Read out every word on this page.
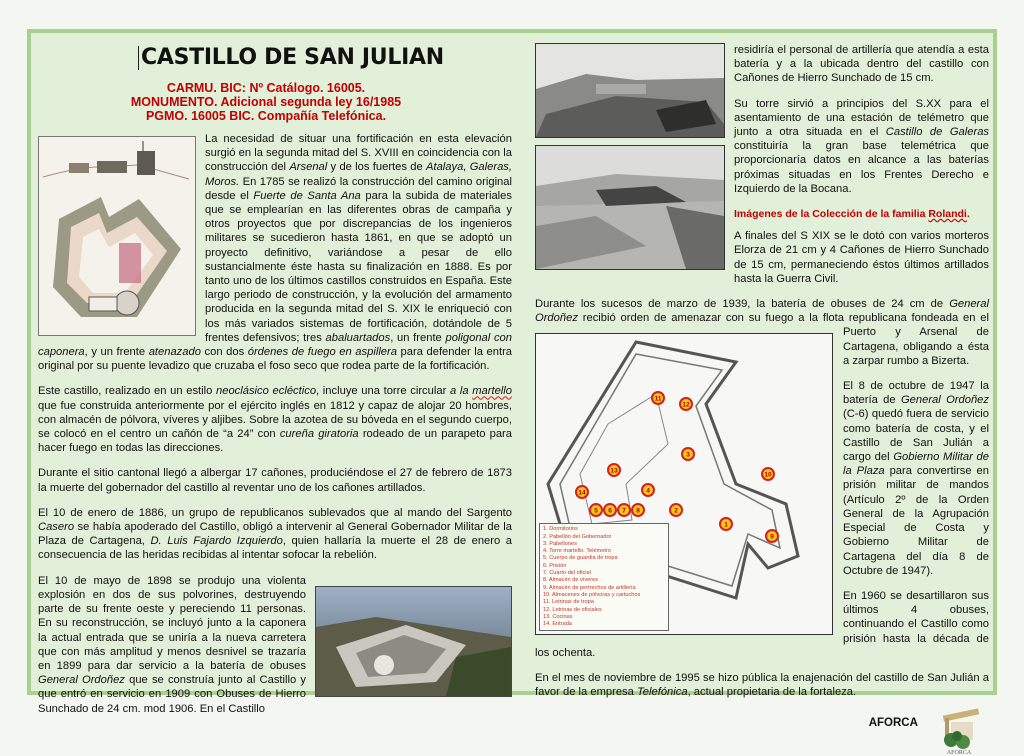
CASTILLO DE SAN JULIAN
CARMU. BIC: Nº Catálogo. 16005.
MONUMENTO. Adicional segunda ley 16/1985
PGMO. 16005 BIC. Compañía Telefónica.

La necesidad de situar una fortificación en esta elevación surgió en la segunda mitad del S. XVIII en coincidencia con la construcción del Arsenal y de los fuertes de Atalaya, Galeras, Moros. En 1785 se realizó la construcción del camino original desde el Fuerte de Santa Ana para la subida de materiales que se emplearían en las diferentes obras de campaña y otros proyectos que por discrepancias de los ingenieros militares se sucedieron hasta 1861, en que se adoptó un proyecto definitivo, variándose a pesar de ello sustancialmente éste hasta su finalización en 1888. Es por tanto uno de los últimos castillos construidos en España. Este largo periodo de construcción, y la evolución del armamento producida en la segunda mitad del S. XIX le enriqueció con los más variados sistemas de fortificación, dotándole de 5 frentes defensivos; tres abaluartados, un frente poligonal con caponera, y un frente atenazado con dos órdenes de fuego en aspillera para defender la entra original por su puente levadizo que cruzaba el foso seco que rodea parte de la fortificación.

Este castillo, realizado en un estilo neoclásico ecléctico, incluye una torre circular a la martello que fue construida anteriormente por el ejército inglés en 1812 y capaz de alojar 20 hombres, con almacén de pólvora, víveres y aljibes. Sobre la azotea de su bóveda en el segundo cuerpo, se colocó en el centro un cañón de “a 24” con cureña giratoria rodeado de un parapeto para hacer fuego en todas las direcciones.

Durante el sitio cantonal llegó a albergar 17 cañones, produciéndose el 27 de febrero de 1873 la muerte del gobernador del castillo al reventar uno de los cañones artillados.

El 10 de enero de 1886, un grupo de republicanos sublevados que al mando del Sargento Casero se había apoderado del Castillo, obligó a intervenir al General Gobernador Militar de la Plaza de Cartagena, D. Luis Fajardo Izquierdo, quien hallaría la muerte el 28 de enero a consecuencia de las heridas recibidas al intentar sofocar la rebelión.

El 10 de mayo de 1898 se produjo una violenta explosión en dos de sus polvorines, destruyendo parte de su frente oeste y pereciendo 11 personas. En su reconstrucción, se incluyó junto a la caponera la actual entrada que se uniría a la nueva carretera que con más amplitud y menos desnivel se trazaría en 1899 para dar servicio a la batería de obuses General Ordoñez que se construía junto al Castillo y que entró en servicio en 1909 con Obuses de Hierro Sunchado de 24 cm. mod 1906. En el Castillo

residiría el personal de artillería que atendía a esta batería y a la ubicada dentro del castillo con Cañones de Hierro Sunchado de 15 cm.

Su torre sirvió a principios del S.XX para el asentamiento de una estación de telémetro que junto a otra situada en el Castillo de Galeras constituiría la gran base telemétrica que proporcionaría datos en alcance a las baterías próximas situadas en los Frentes Derecho e Izquierdo de la Bocana.

Imágenes de la Colección de la familia Rolandi.

A finales del S XIX se le dotó con varios morteros Elorza de 21 cm y 4 Cañones de Hierro Sunchado de 15 cm, permaneciendo éstos últimos artillados hasta la Guerra Civil.

Durante los sucesos de marzo de 1939, la batería de obuses de 24 cm de General Ordoñez recibió orden de amenazar con su fuego a la flota
1
2
3
4
5 6 7 8
9
10
11
12
13
14
1. Dormitorios
2. Pabellón del Gobernador
3. Pabellones
4. Torre martello. Telémetro
5. Cuerpo de guardia de tropa
6. Prisión
7. Cuarto del oficial
8. Almacén de víveres
9. Almacén de pertrechos de artillería
10. Almacenes de pólvoras y cartuchos
11. Letrinas de tropa
12. Letrinas de oficiales
13. Cocinas
14. Entrada
republicana fondeada en el Puerto y Arsenal de Cartagena, obligando a ésta a zarpar rumbo a Bizerta.

El 8 de octubre de 1947 la batería de General Ordoñez (C-6) quedó fuera de servicio como batería de costa, y el Castillo de San Julián a cargo del Gobierno Militar de la Plaza para convertirse en prisión militar de mandos (Artículo 2º de la Orden General de la Agrupación Especial de Costa y Gobierno Militar de Cartagena del día 8 de Octubre de 1947).

En 1960 se desartillaron sus últimos 4 obuses, continuando el Castillo como prisión hasta la década de los ochenta.

En el mes de noviembre de 1995 se hizo pública la enajenación del castillo de San Julián a favor de la empresa Telefónica, actual propietaria de la fortaleza.

AFORCA
AFORCA
